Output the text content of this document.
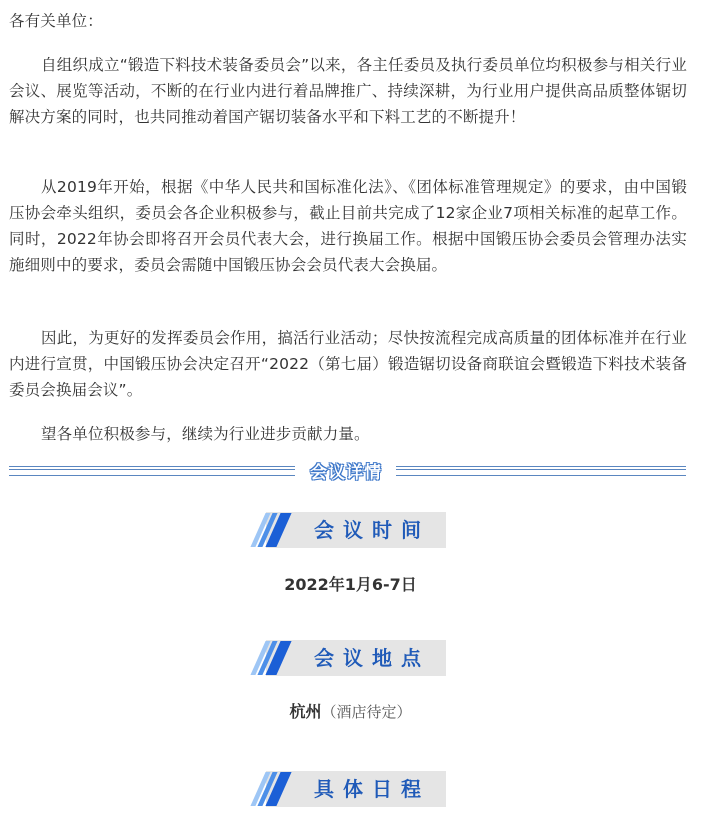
各有关单位：

自组织成立“锻造下料技术装备委员会”以来，各主任委员及执行委员单位均积极参与相关行业会议、展览等活动，不断的在行业内进行着品牌推广、持续深耕，为行业用户提供高品质整体锯切解决方案的同时，也共同推动着国产锯切装备水平和下料工艺的不断提升！

从2019年开始，根据《中华人民共和国标准化法》、《团体标准管理规定》的要求，由中国锻压协会牵头组织，委员会各企业积极参与，截止目前共完成了12家企业7项相关标准的起草工作。同时，2022年协会即将召开会员代表大会，进行换届工作。根据中国锻压协会委员会管理办法实施细则中的要求，委员会需随中国锻压协会会员代表大会换届。

因此，为更好的发挥委员会作用，搞活行业活动；尽快按流程完成高质量的团体标准并在行业内进行宣贯，中国锻压协会决定召开“2022（第七届）锻造锯切设备商联谊会暨锻造下料技术装备委员会换届会议”。

望各单位积极参与，继续为行业进步贡献力量。

会议详情
会议时间
2022年1月6-7日
会议地点
杭州（酒店待定）
具体日程
